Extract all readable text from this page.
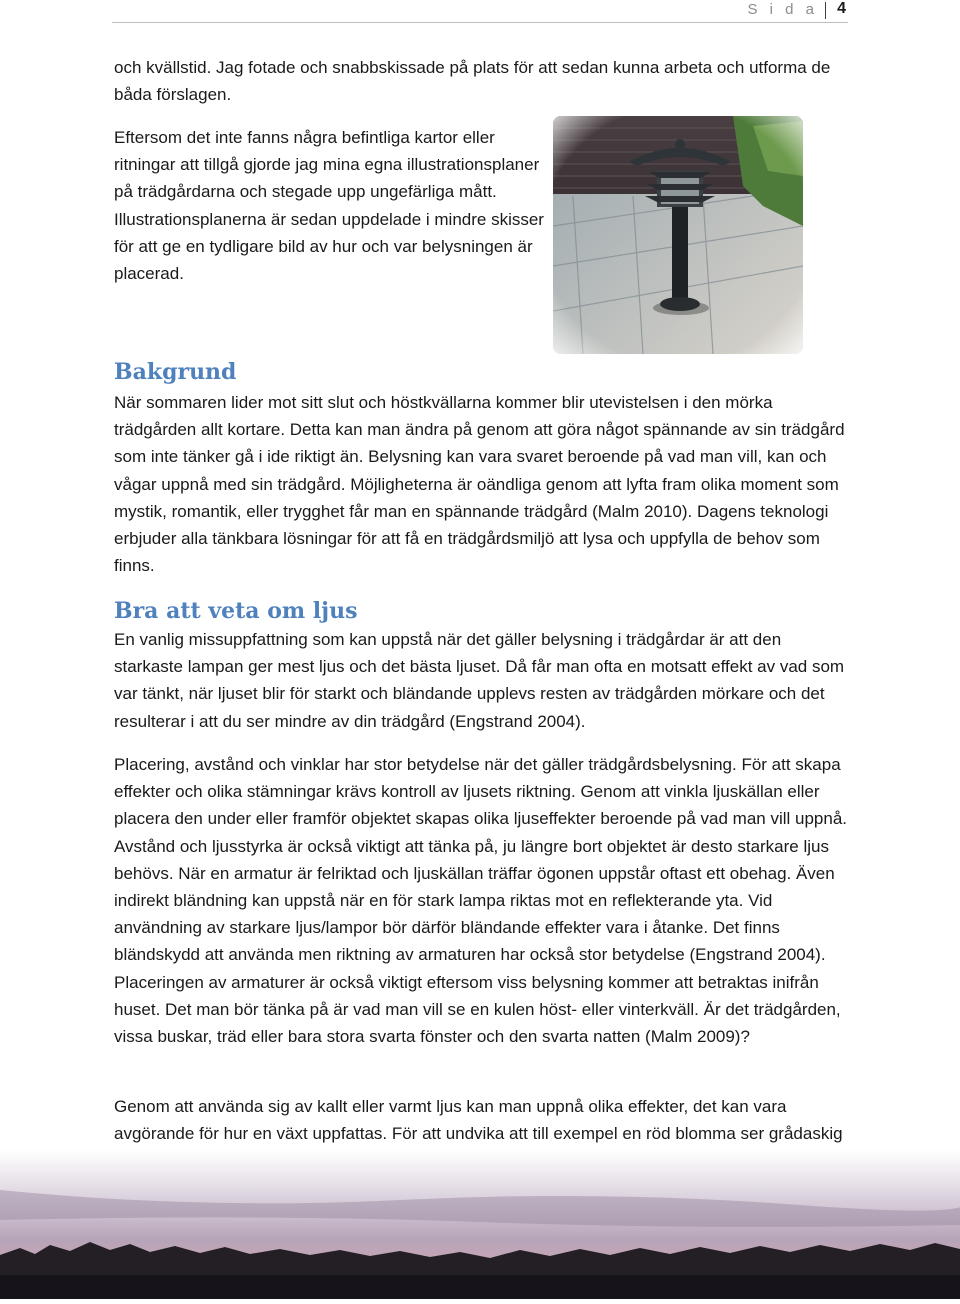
S i d a 4

och kvällstid. Jag fotade och snabbskissade på plats för att sedan kunna arbeta och utforma de båda förslagen.

Eftersom det inte fanns några befintliga kartor eller ritningar att tillgå gjorde jag mina egna illustrationsplaner på trädgårdarna och stegade upp ungefärliga mått. Illustrationsplanerna är sedan uppdelade i mindre skisser för att ge en tydligare bild av hur och var belysningen är placerad.

Bakgrund

När sommaren lider mot sitt slut och höstkvällarna kommer blir utevistelsen i den mörka trädgården allt kortare. Detta kan man ändra på genom att göra något spännande av sin trädgård som inte tänker gå i ide riktigt än. Belysning kan vara svaret beroende på vad man vill, kan och vågar uppnå med sin trädgård. Möjligheterna är oändliga genom att lyfta fram olika moment som mystik, romantik, eller trygghet får man en spännande trädgård (Malm 2010). Dagens teknologi erbjuder alla tänkbara lösningar för att få en trädgårdsmiljö att lysa och uppfylla de behov som finns.

Bra att veta om ljus

En vanlig missuppfattning som kan uppstå när det gäller belysning i trädgårdar är att den starkaste lampan ger mest ljus och det bästa ljuset. Då får man ofta en motsatt effekt av vad som var tänkt, när ljuset blir för starkt och bländande upplevs resten av trädgården mörkare och det resulterar i att du ser mindre av din trädgård (Engstrand 2004).

Placering, avstånd och vinklar har stor betydelse när det gäller trädgårdsbelysning. För att skapa effekter och olika stämningar krävs kontroll av ljusets riktning. Genom att vinkla ljuskällan eller placera den under eller framför objektet skapas olika ljuseffekter beroende på vad man vill uppnå. Avstånd och ljusstyrka är också viktigt att tänka på, ju längre bort objektet är desto starkare ljus behövs. När en armatur är felriktad och ljuskällan träffar ögonen uppstår oftast ett obehag. Även indirekt bländning kan uppstå när en för stark lampa riktas mot en reflekterande yta. Vid användning av starkare ljus/lampor bör därför bländande effekter vara i åtanke. Det finns bländskydd att använda men riktning av armaturen har också stor betydelse (Engstrand 2004). Placeringen av armaturer är också viktigt eftersom viss belysning kommer att betraktas inifrån huset. Det man bör tänka på är vad man vill se en kulen höst- eller vinterkväll. Är det trädgården, vissa buskar, träd eller bara stora svarta fönster och den svarta natten (Malm 2009)?

Genom att använda sig av kallt eller varmt ljus kan man uppnå olika effekter, det kan vara avgörande för hur en växt uppfattas. För att undvika att till exempel en röd blomma ser grådaskig
